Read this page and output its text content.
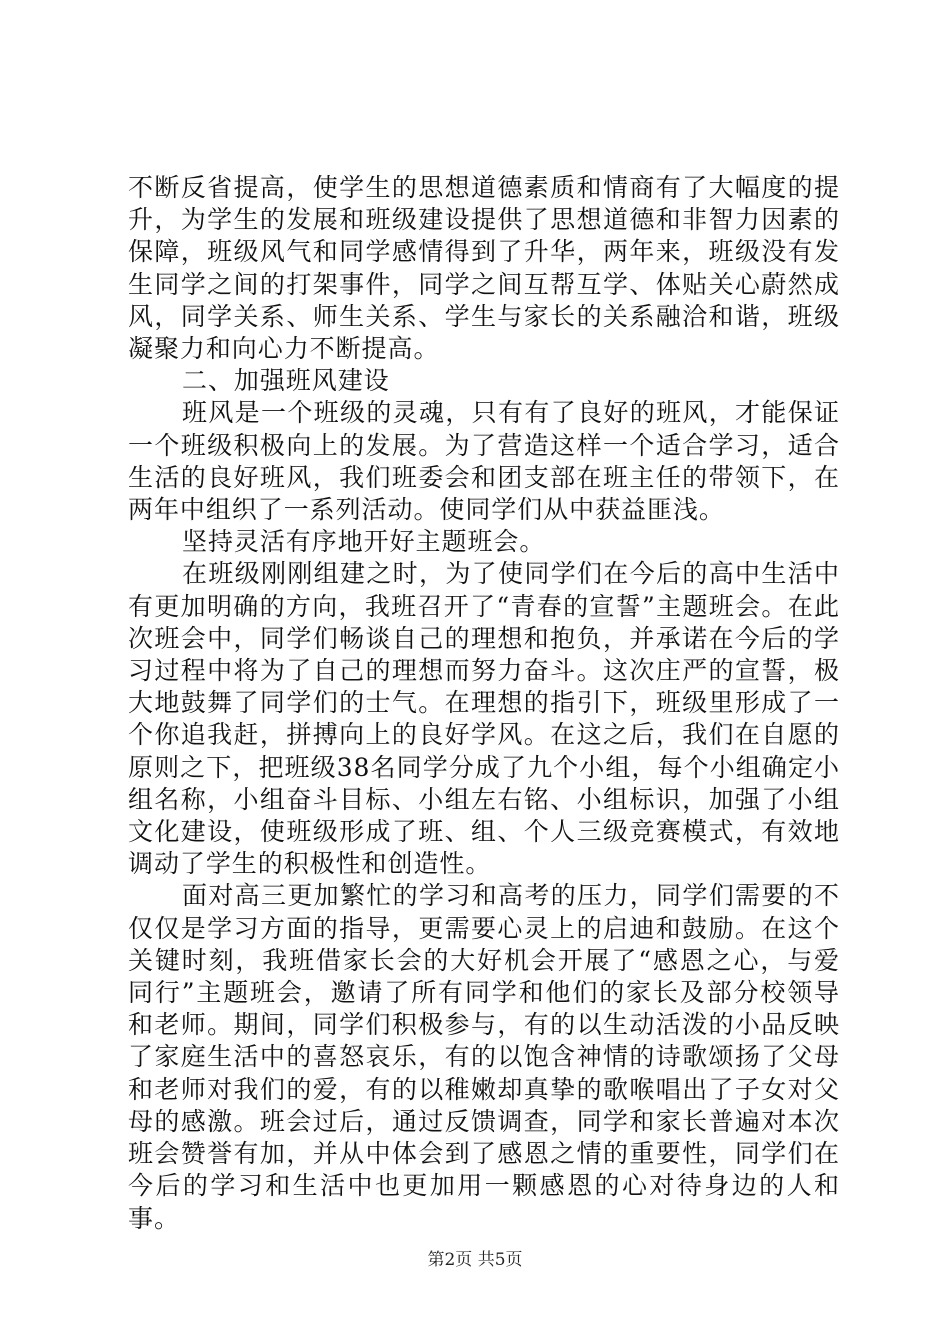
不断反省提高，使学生的思想道德素质和情商有了大幅度的提升，为学生的发展和班级建设提供了思想道德和非智力因素的保障，班级风气和同学感情得到了升华，两年来，班级没有发生同学之间的打架事件，同学之间互帮互学、体贴关心蔚然成风，同学关系、师生关系、学生与家长的关系融洽和谐，班级凝聚力和向心力不断提高。

二、加强班风建设

班风是一个班级的灵魂，只有有了良好的班风，才能保证一个班级积极向上的发展。为了营造这样一个适合学习，适合生活的良好班风，我们班委会和团支部在班主任的带领下，在两年中组织了一系列活动。使同学们从中获益匪浅。

坚持灵活有序地开好主题班会。

在班级刚刚组建之时，为了使同学们在今后的高中生活中有更加明确的方向，我班召开了“青春的宣誓”主题班会。在此次班会中，同学们畅谈自己的理想和抱负，并承诺在今后的学习过程中将为了自己的理想而努力奋斗。这次庄严的宣誓，极大地鼓舞了同学们的士气。在理想的指引下，班级里形成了一个你追我赶，拼搏向上的良好学风。在这之后，我们在自愿的原则之下，把班级38名同学分成了九个小组，每个小组确定小组名称，小组奋斗目标、小组左右铭、小组标识，加强了小组文化建设，使班级形成了班、组、个人三级竞赛模式，有效地调动了学生的积极性和创造性。

面对高三更加繁忙的学习和高考的压力，同学们需要的不仅仅是学习方面的指导，更需要心灵上的启迪和鼓励。在这个关键时刻，我班借家长会的大好机会开展了“感恩之心，与爱同行”主题班会，邀请了所有同学和他们的家长及部分校领导和老师。期间，同学们积极参与，有的以生动活泼的小品反映了家庭生活中的喜怒哀乐，有的以饱含神情的诗歌颂扬了父母和老师对我们的爱，有的以稚嫩却真挚的歌喉唱出了子女对父母的感激。班会过后，通过反馈调查，同学和家长普遍对本次班会赞誉有加，并从中体会到了感恩之情的重要性，同学们在今后的学习和生活中也更加用一颗感恩的心对待身边的人和事。

第2页 共5页
